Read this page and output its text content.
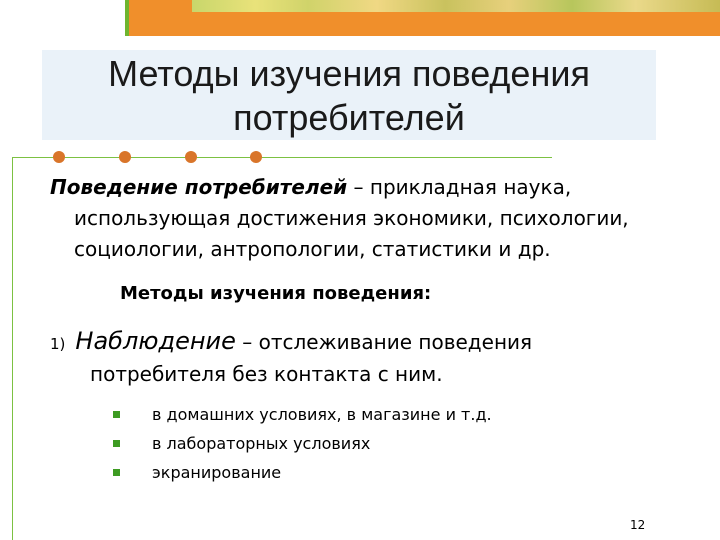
Методы изучения поведения
потребителей
Поведение потребителей – прикладная наука,
использующая достижения экономики, психологии,
социологии, антропологии, статистики и др.
Методы изучения поведения:
1) Наблюдение – отслеживание поведения
потребителя без контакта с ним.
в домашних условиях, в магазине и т.д.
в лабораторных условиях
экранирование
12
